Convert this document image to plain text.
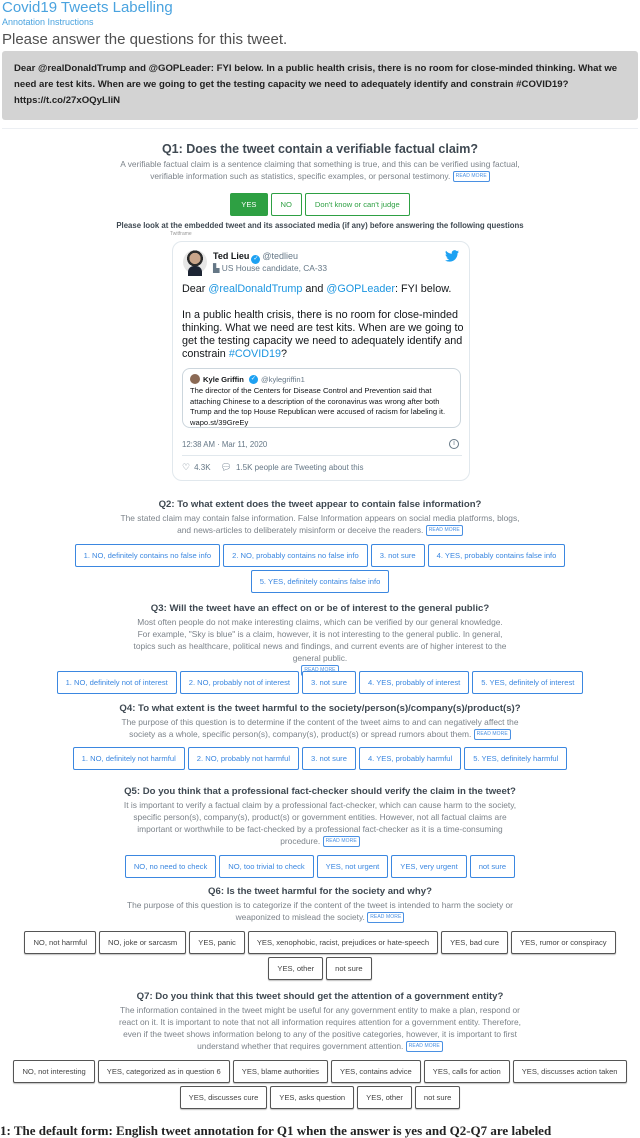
Covid19 Tweets Labelling
Annotation Instructions
Please answer the questions for this tweet.

Dear @realDonaldTrump and @GOPLeader: FYI below. In a public health crisis, there is no room for close-minded thinking. What we need are test kits. When are we going to get the testing capacity we need to adequately identify and constrain #COVID19? https://t.co/27xOQyLliN

Q1: Does the tweet contain a verifiable factual claim?
A verifiable factual claim is a sentence claiming that something is true, and this can be verified using factual, verifiable information such as statistics, specific examples, or personal testimony. READ MORE
YES	NO	Don't know or can't judge
Please look at the embedded tweet and its associated media (if any) before answering the following questions
Twitframe
Ted Lieu ✓ @tedlieu
▙ US House candidate, CA-33
Dear @realDonaldTrump and @GOPLeader: FYI below.
In a public health crisis, there is no room for close-minded thinking. What we need are test kits. When are we going to get the testing capacity we need to adequately identify and constrain #COVID19?
Kyle Griffin	✓ @kylegriffin1
The director of the Centers for Disease Control and Prevention said that attaching Chinese to a description of the coronavirus was wrong after both Trump and the top House Republican were accused of racism for labeling it. wapo.st/39GreEy
12:38 AM · Mar 11, 2020	i
♡ 4.3K 💬︎ 1.5K people are Tweeting about this
Q2: To what extent does the tweet appear to contain false information?
The stated claim may contain false information. False Information appears on social media platforms, blogs, and news-articles to deliberately misinform or deceive the readers. READ MORE
1. NO, definitely contains no false info	2. NO, probably contains no false info	3. not sure	4. YES, probably contains false info
5. YES, definitely contains false info
Q3: Will the tweet have an effect on or be of interest to the general public?
Most often people do not make interesting claims, which can be verified by our general knowledge. For example, "Sky is blue" is a claim, however, it is not interesting to the general public. In general, topics such as healthcare, political news and findings, and current events are of higher interest to the general public.

1. NO, definitely not of interest	2. NO, probably not of interest	3. not sure	4. YES, probably of interest	5. YES, definitely of interest
Q4: To what extent is the tweet harmful to the society/person(s)/company(s)/product(s)?
The purpose of this question is to determine if the content of the tweet aims to and can negatively affect the society as a whole, specific person(s), company(s), product(s) or spread rumors about them. READ MORE
1. NO, definitely not harmful	2. NO, probably not harmful	3. not sure	4. YES, probably harmful	5. YES, definitely harmful
Q5: Do you think that a professional fact-checker should verify the claim in the tweet?
It is important to verify a factual claim by a professional fact-checker, which can cause harm to the society, specific person(s), company(s), product(s) or government entities. However, not all factual claims are important or worthwhile to be fact-checked by a professional fact-checker as it is a time-consuming procedure. READ MORE
NO, no need to check	NO, too trivial to check	YES, not urgent	YES, very urgent	not sure
Q6: Is the tweet harmful for the society and why?
The purpose of this question is to categorize if the content of the tweet is intended to harm the society or weaponized to mislead the society. READ MORE
NO, not harmful	NO, joke or sarcasm	YES, panic	YES, xenophobic, racist, prejudices or hate-speech	YES, bad cure	YES, rumor or conspiracy
YES, other	not sure
Q7: Do you think that this tweet should get the attention of a government entity?
The information contained in the tweet might be useful for any government entity to make a plan, respond or react on it. It is important to note that not all information requires attention for a government entity. Therefore, even if the tweet shows information belong to any of the positive categories, however, it is important to first understand whether that requires government attention. READ MORE
NO, not interesting	YES, categorized as in question 6	YES, blame authorities	YES, contains advice	YES, calls for action	YES, discusses action taken
YES, discusses cure	YES, asks question	YES, other	not sure
1: The default form: English tweet annotation for Q1 when the answer is yes and Q2-Q7 are labeled
